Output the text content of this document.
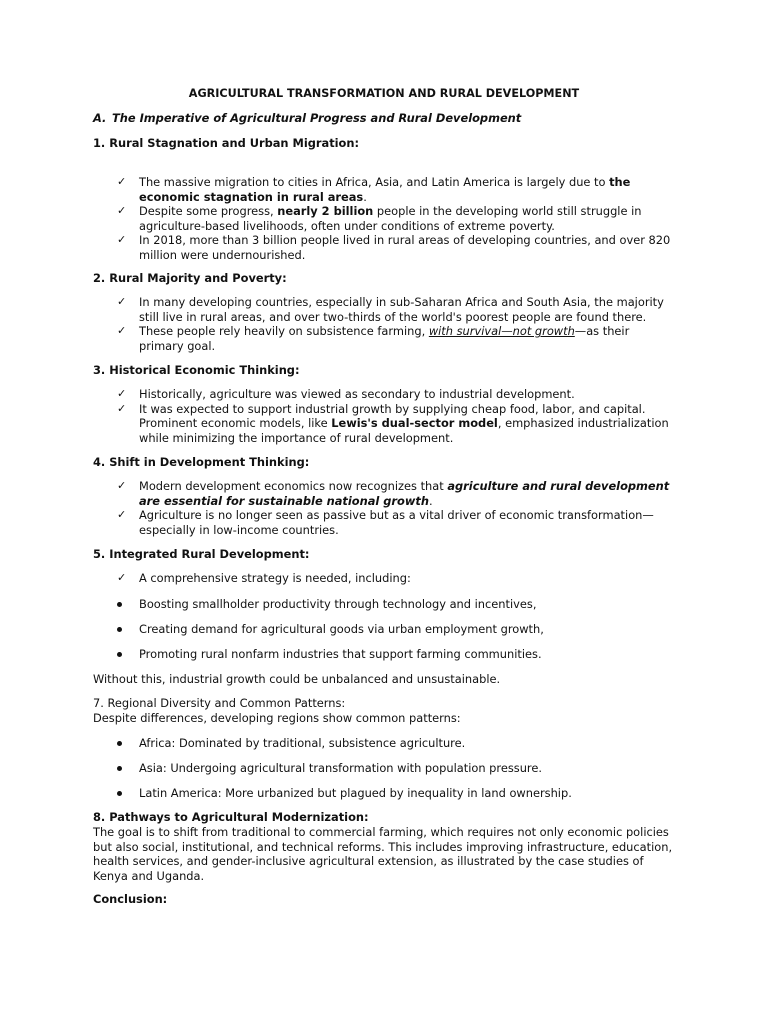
AGRICULTURAL TRANSFORMATION AND RURAL DEVELOPMENT
A. The Imperative of Agricultural Progress and Rural Development
1. Rural Stagnation and Urban Migration:
✓	The massive migration to cities in Africa, Asia, and Latin America is largely due to the economic stagnation in rural areas.
✓	Despite some progress, nearly 2 billion people in the developing world still struggle in agriculture-based livelihoods, often under conditions of extreme poverty.
✓	In 2018, more than 3 billion people lived in rural areas of developing countries, and over 820 million were undernourished.
2. Rural Majority and Poverty:
✓	In many developing countries, especially in sub-Saharan Africa and South Asia, the majority still live in rural areas, and over two-thirds of the world's poorest people are found there.
✓	These people rely heavily on subsistence farming, with survival—not growth—as their primary goal.
3. Historical Economic Thinking:
✓	Historically, agriculture was viewed as secondary to industrial development.
✓	It was expected to support industrial growth by supplying cheap food, labor, and capital. Prominent economic models, like Lewis's dual-sector model, emphasized industrialization while minimizing the importance of rural development.
4. Shift in Development Thinking:
✓	Modern development economics now recognizes that agriculture and rural development are essential for sustainable national growth.
✓	Agriculture is no longer seen as passive but as a vital driver of economic transformation—especially in low-income countries.
5. Integrated Rural Development:
✓	A comprehensive strategy is needed, including:
Boosting smallholder productivity through technology and incentives,
Creating demand for agricultural goods via urban employment growth,
Promoting rural nonfarm industries that support farming communities.
Without this, industrial growth could be unbalanced and unsustainable.
7. Regional Diversity and Common Patterns:
Despite differences, developing regions show common patterns:
Africa: Dominated by traditional, subsistence agriculture.
Asia: Undergoing agricultural transformation with population pressure.
Latin America: More urbanized but plagued by inequality in land ownership.
8. Pathways to Agricultural Modernization:
The goal is to shift from traditional to commercial farming, which requires not only economic policies but also social, institutional, and technical reforms. This includes improving infrastructure, education, health services, and gender-inclusive agricultural extension, as illustrated by the case studies of Kenya and Uganda.
Conclusion:
